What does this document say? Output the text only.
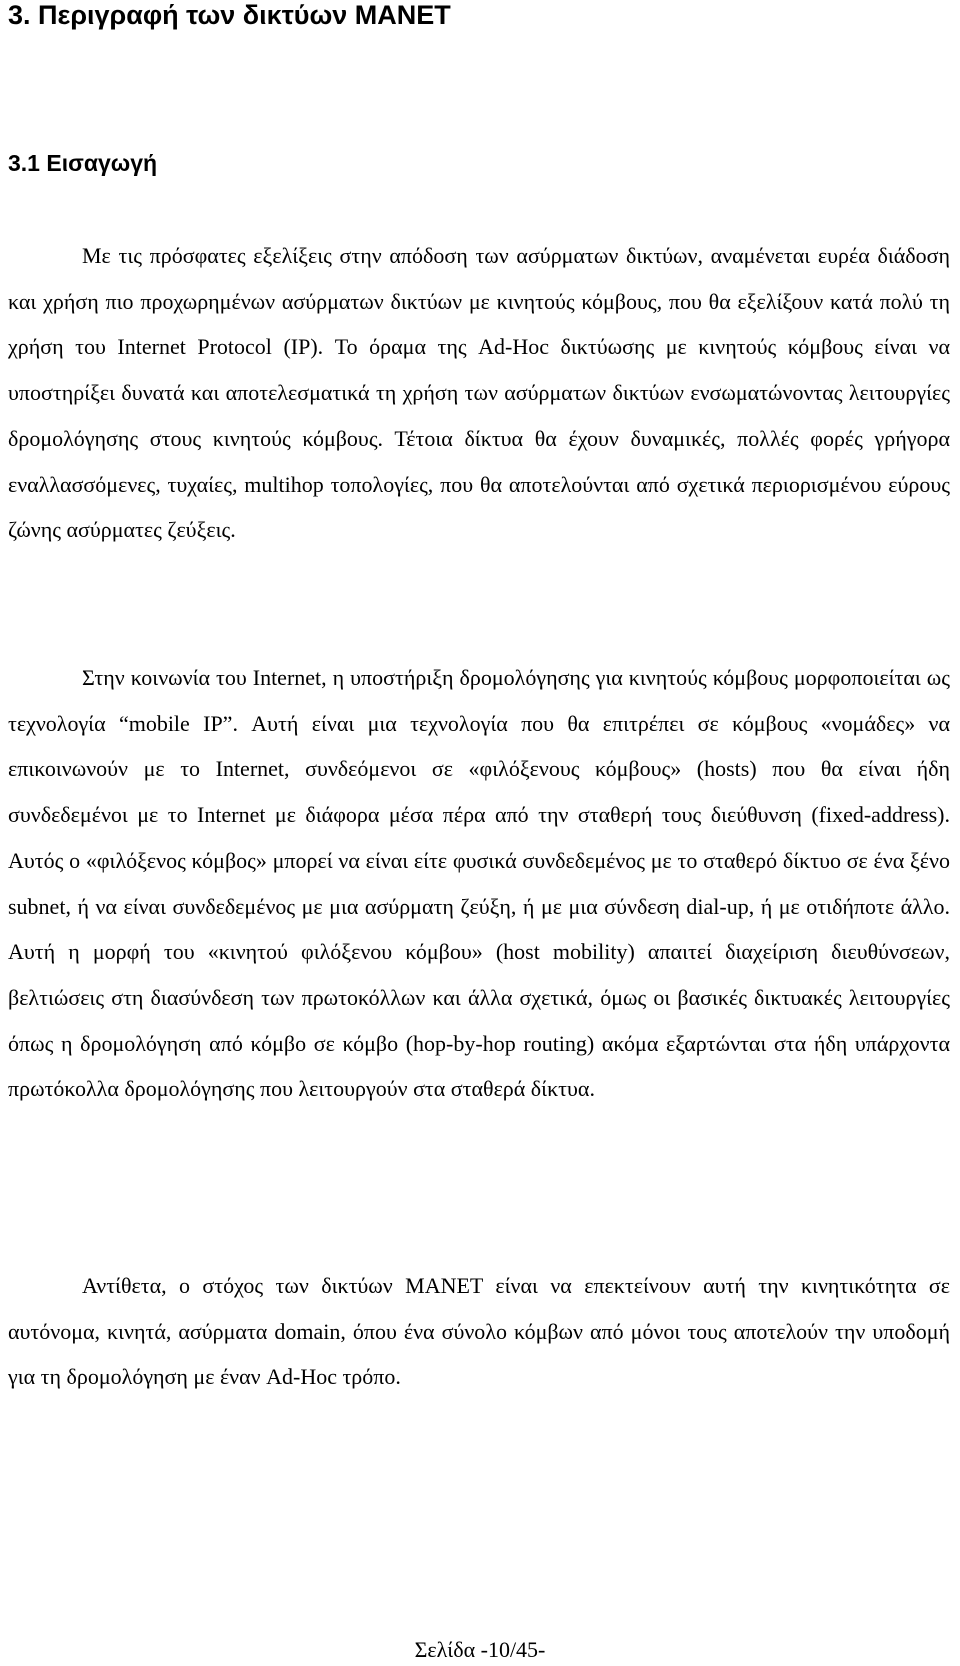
3. Περιγραφή των δικτύων MANET
3.1 Εισαγωγή

Με τις πρόσφατες εξελίξεις στην απόδοση των ασύρματων δικτύων, αναμένεται ευρέα διάδοση και χρήση πιο προχωρημένων ασύρματων δικτύων με κινητούς κόμβους, που θα εξελίξουν κατά πολύ τη χρήση του Internet Protocol (IP). Το όραμα της Ad-Hoc δικτύωσης με κινητούς κόμβους είναι να υποστηρίξει δυνατά και αποτελεσματικά τη χρήση των ασύρματων δικτύων ενσωματώνοντας λειτουργίες δρομολόγησης στους κινητούς κόμβους. Τέτοια δίκτυα θα έχουν δυναμικές, πολλές φορές γρήγορα εναλλασσόμενες, τυχαίες, multihop τοπολογίες, που θα αποτελούνται από σχετικά περιορισμένου εύρους ζώνης ασύρματες ζεύξεις.

Στην κοινωνία του Internet, η υποστήριξη δρομολόγησης για κινητούς κόμβους μορφοποιείται ως τεχνολογία “mobile IP”. Αυτή είναι μια τεχνολογία που θα επιτρέπει σε κόμβους «νομάδες» να επικοινωνούν με το Internet, συνδεόμενοι σε «φιλόξενους κόμβους» (hosts) που θα είναι ήδη συνδεδεμένοι με το Internet με διάφορα μέσα πέρα από την σταθερή τους διεύθυνση (fixed-address). Αυτός ο «φιλόξενος κόμβος» μπορεί να είναι είτε φυσικά συνδεδεμένος με το σταθερό δίκτυο σε ένα ξένο subnet, ή να είναι συνδεδεμένος με μια ασύρματη ζεύξη, ή με μια σύνδεση dial-up, ή με οτιδήποτε άλλο. Αυτή η μορφή του «κινητού φιλόξενου κόμβου» (host mobility) απαιτεί διαχείριση διευθύνσεων, βελτιώσεις στη διασύνδεση των πρωτοκόλλων και άλλα σχετικά, όμως οι βασικές δικτυακές λειτουργίες όπως η δρομολόγηση από κόμβο σε κόμβο (hop-by-hop routing) ακόμα εξαρτώνται στα ήδη υπάρχοντα πρωτόκολλα δρομολόγησης που λειτουργούν στα σταθερά δίκτυα.

Αντίθετα, ο στόχος των δικτύων MANET είναι να επεκτείνουν αυτή την κινητικότητα σε αυτόνομα, κινητά, ασύρματα domain, όπου ένα σύνολο κόμβων από μόνοι τους αποτελούν την υποδομή για τη δρομολόγηση με έναν Ad-Hoc τρόπο.

Σελίδα -10/45-
